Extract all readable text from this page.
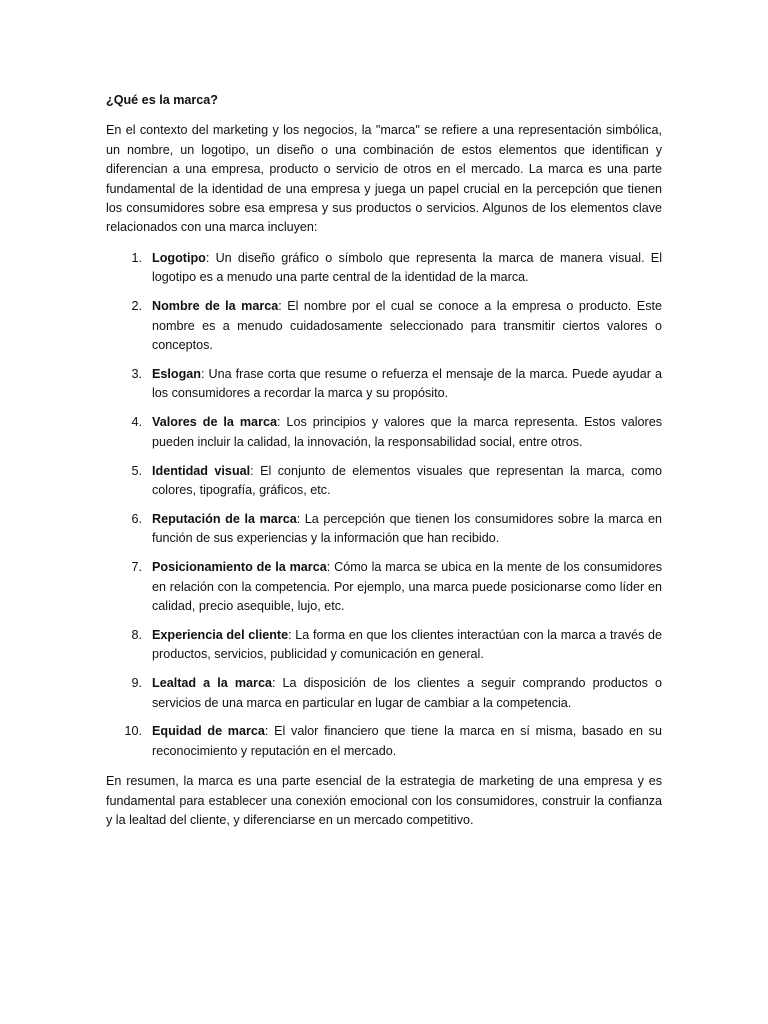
¿Qué es la marca?

En el contexto del marketing y los negocios, la "marca" se refiere a una representación simbólica, un nombre, un logotipo, un diseño o una combinación de estos elementos que identifican y diferencian a una empresa, producto o servicio de otros en el mercado. La marca es una parte fundamental de la identidad de una empresa y juega un papel crucial en la percepción que tienen los consumidores sobre esa empresa y sus productos o servicios. Algunos de los elementos clave relacionados con una marca incluyen:

1. Logotipo: Un diseño gráfico o símbolo que representa la marca de manera visual. El logotipo es a menudo una parte central de la identidad de la marca.
2. Nombre de la marca: El nombre por el cual se conoce a la empresa o producto. Este nombre es a menudo cuidadosamente seleccionado para transmitir ciertos valores o conceptos.
3. Eslogan: Una frase corta que resume o refuerza el mensaje de la marca. Puede ayudar a los consumidores a recordar la marca y su propósito.
4. Valores de la marca: Los principios y valores que la marca representa. Estos valores pueden incluir la calidad, la innovación, la responsabilidad social, entre otros.
5. Identidad visual: El conjunto de elementos visuales que representan la marca, como colores, tipografía, gráficos, etc.
6. Reputación de la marca: La percepción que tienen los consumidores sobre la marca en función de sus experiencias y la información que han recibido.
7. Posicionamiento de la marca: Cómo la marca se ubica en la mente de los consumidores en relación con la competencia. Por ejemplo, una marca puede posicionarse como líder en calidad, precio asequible, lujo, etc.
8. Experiencia del cliente: La forma en que los clientes interactúan con la marca a través de productos, servicios, publicidad y comunicación en general.
9. Lealtad a la marca: La disposición de los clientes a seguir comprando productos o servicios de una marca en particular en lugar de cambiar a la competencia.
10. Equidad de marca: El valor financiero que tiene la marca en sí misma, basado en su reconocimiento y reputación en el mercado.

En resumen, la marca es una parte esencial de la estrategia de marketing de una empresa y es fundamental para establecer una conexión emocional con los consumidores, construir la confianza y la lealtad del cliente, y diferenciarse en un mercado competitivo.
